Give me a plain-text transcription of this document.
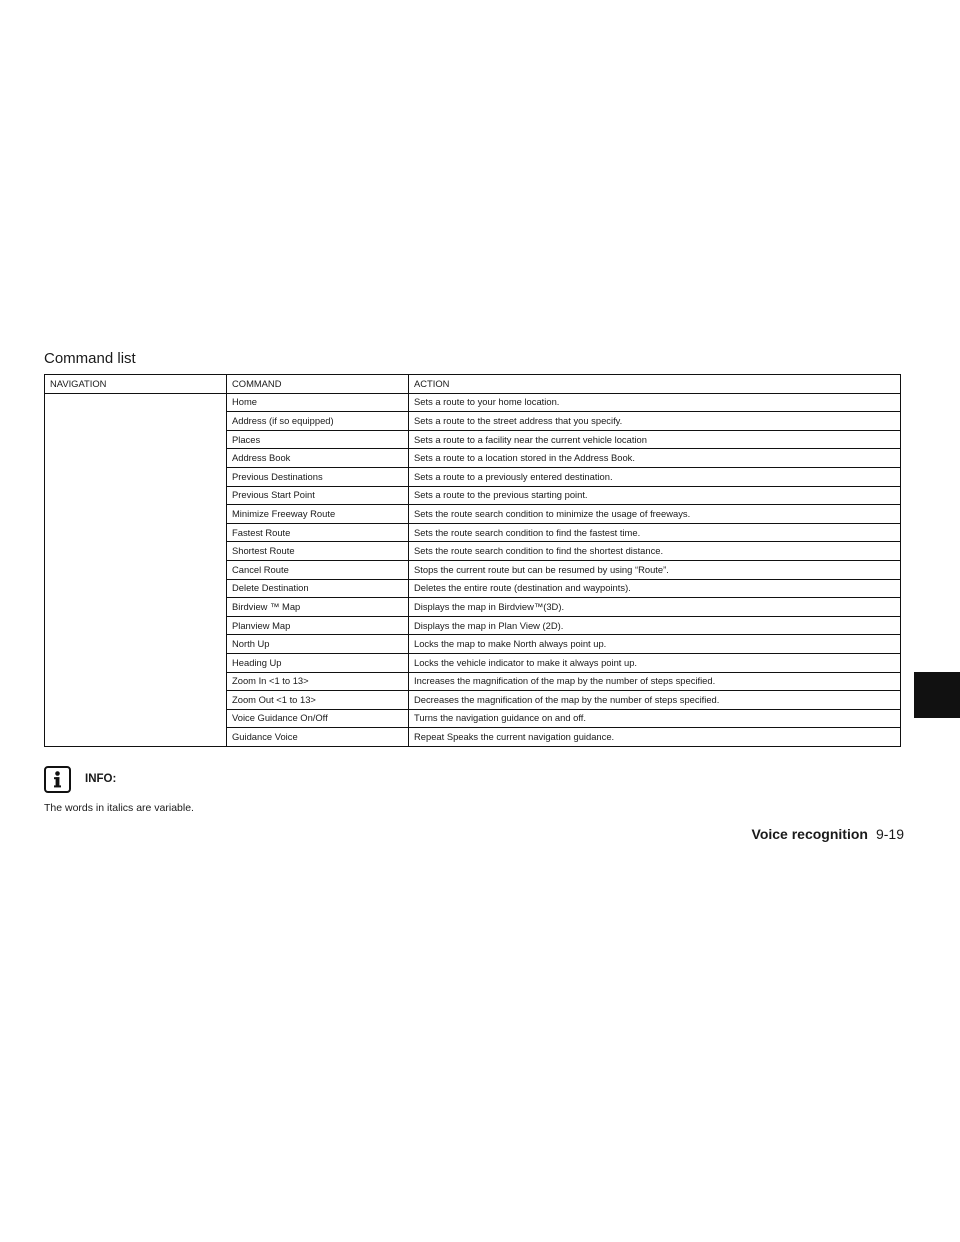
Command list
NAVIGATION	COMMAND	ACTION
	Home	Sets a route to your home location.
	Address (if so equipped)	Sets a route to the street address that you specify.
	Places	Sets a route to a facility near the current vehicle location
	Address Book	Sets a route to a location stored in the Address Book.
	Previous Destinations	Sets a route to a previously entered destination.
	Previous Start Point	Sets a route to the previous starting point.
	Minimize Freeway Route	Sets the route search condition to minimize the usage of freeways.
	Fastest Route	Sets the route search condition to find the fastest time.
	Shortest Route	Sets the route search condition to find the shortest distance.
	Cancel Route	Stops the current route but can be resumed by using “Route”.
	Delete Destination	Deletes the entire route (destination and waypoints).
	Birdview ™ Map	Displays the map in Birdview™(3D).
	Planview Map	Displays the map in Plan View (2D).
	North Up	Locks the map to make North always point up.
	Heading Up	Locks the vehicle indicator to make it always point up.
	Zoom In <1 to 13>	Increases the magnification of the map by the number of steps specified.
	Zoom Out <1 to 13>	Decreases the magnification of the map by the number of steps specified.
	Voice Guidance On/Off	Turns the navigation guidance on and off.
	Guidance Voice	Repeat Speaks the current navigation guidance.
INFO:
The words in italics are variable.
Voice recognition 9-19
